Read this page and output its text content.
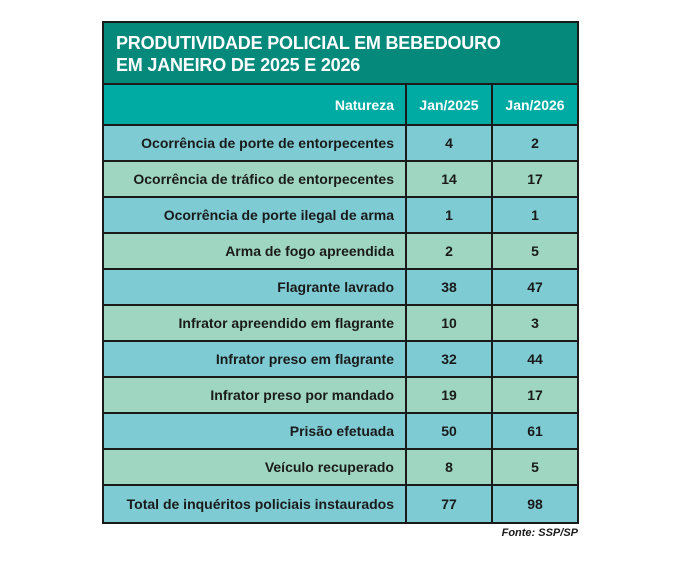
PRODUTIVIDADE POLICIAL EM BEBEDOURO
EM JANEIRO DE 2025 E 2026
Natureza	Jan/2025	Jan/2026
Ocorrência de porte de entorpecentes	4	2
Ocorrência de tráfico de entorpecentes	14	17
Ocorrência de porte ilegal de arma	1	1
Arma de fogo apreendida	2	5
Flagrante lavrado	38	47
Infrator apreendido em flagrante	10	3
Infrator preso em flagrante	32	44
Infrator preso por mandado	19	17
Prisão efetuada	50	61
Veículo recuperado	8	5
Total de inquéritos policiais instaurados	77	98
Fonte: SSP/SP
